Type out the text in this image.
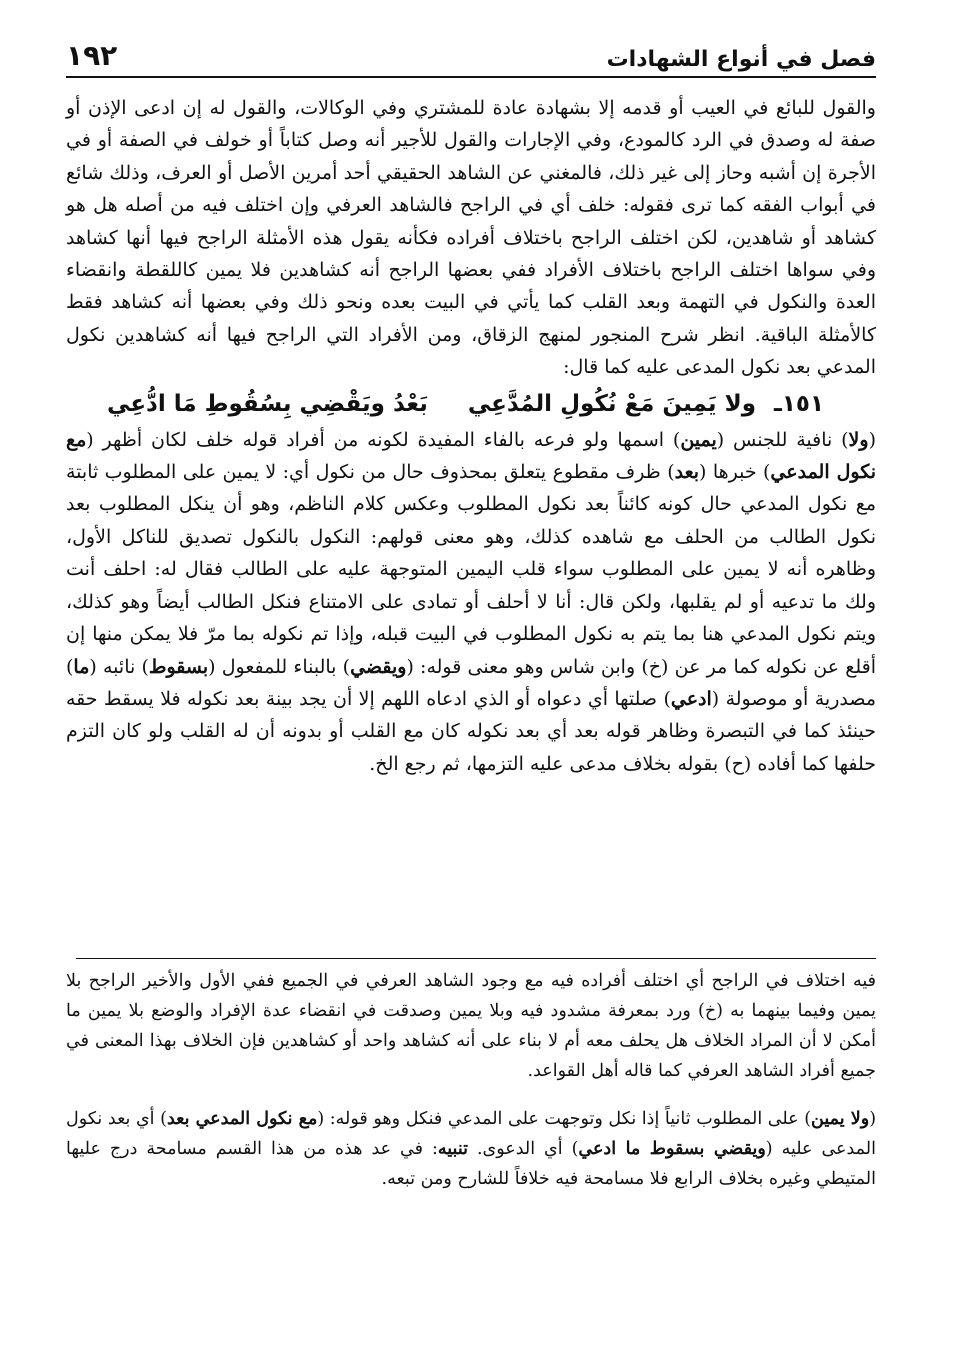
فصل في أنواع الشهادات
١٩٢

والقول للبائع في العيب أو قدمه إلا بشهادة عادة للمشتري وفي الوكالات، والقول له إن ادعى الإذن أو صفة له وصدق في الرد كالمودع، وفي الإجارات والقول للأجير أنه وصل كتاباً أو خولف في الصفة أو في الأجرة إن أشبه وحاز إلى غير ذلك، فالمغني عن الشاهد الحقيقي أحد أمرين الأصل أو العرف، وذلك شائع في أبواب الفقه كما ترى فقوله: خلف أي في الراجح فالشاهد العرفي وإن اختلف فيه من أصله هل هو كشاهد أو شاهدين، لكن اختلف الراجح باختلاف أفراده فكأنه يقول هذه الأمثلة الراجح فيها أنها كشاهد وفي سواها اختلف الراجح باختلاف الأفراد ففي بعضها الراجح أنه كشاهدين فلا يمين كاللقطة وانقضاء العدة والنكول في التهمة وبعد القلب كما يأتي في البيت بعده ونحو ذلك وفي بعضها أنه كشاهد فقط كالأمثلة الباقية. انظر شرح المنجور لمنهج الزقاق، ومن الأفراد التي الراجح فيها أنه كشاهدين نكول المدعي بعد نكول المدعى عليه كما قال:

١٥١ـ
ولا يَمِينَ مَعْ نُكُولِ المُدَّعِي
بَعْدُ ويَقْضِي بِسُقُوطِ مَا ادُّعِي

(ولا) نافية للجنس (يمين) اسمها ولو فرعه بالفاء المفيدة لكونه من أفراد قوله خلف لكان أظهر (مع نكول المدعي) خبرها (بعد) ظرف مقطوع يتعلق بمحذوف حال من نكول أي: لا يمين على المطلوب ثابتة مع نكول المدعي حال كونه كائناً بعد نكول المطلوب وعكس كلام الناظم، وهو أن ينكل المطلوب بعد نكول الطالب من الحلف مع شاهده كذلك، وهو معنى قولهم: النكول بالنكول تصديق للناكل الأول، وظاهره أنه لا يمين على المطلوب سواء قلب اليمين المتوجهة عليه على الطالب فقال له: احلف أنت ولك ما تدعيه أو لم يقلبها، ولكن قال: أنا لا أحلف أو تمادى على الامتناع فنكل الطالب أيضاً وهو كذلك، ويتم نكول المدعي هنا بما يتم به نكول المطلوب في البيت قبله، وإذا تم نكوله بما مرّ فلا يمكن منها إن أقلع عن نكوله كما مر عن (خ) وابن شاس وهو معنى قوله: (ويقضي) بالبناء للمفعول (بسقوط) نائبه (ما) مصدرية أو موصولة (ادعي) صلتها أي دعواه أو الذي ادعاه اللهم إلا أن يجد بينة بعد نكوله فلا يسقط حقه حينئذ كما في التبصرة وظاهر قوله بعد أي بعد نكوله كان مع القلب أو بدونه أن له القلب ولو كان التزم حلفها كما أفاده (ح) بقوله بخلاف مدعى عليه التزمها، ثم رجع الخ.

فيه اختلاف في الراجح أي اختلف أفراده فيه مع وجود الشاهد العرفي في الجميع ففي الأول والأخير الراجح بلا يمين وفيما بينهما به (خ) ورد بمعرفة مشدود فيه وبلا يمين وصدقت في انقضاء عدة الإفراد والوضع بلا يمين ما أمكن لا أن المراد الخلاف هل يحلف معه أم لا بناء على أنه كشاهد واحد أو كشاهدين فإن الخلاف بهذا المعنى في جميع أفراد الشاهد العرفي كما قاله أهل القواعد.

(ولا يمين) على المطلوب ثانياً إذا نكل وتوجهت على المدعي فنكل وهو قوله: (مع نكول المدعي بعد) أي بعد نكول المدعى عليه (ويقضي بسقوط ما ادعي) أي الدعوى. تنبيه: في عد هذه من هذا القسم مسامحة درج عليها المتيطي وغيره بخلاف الرابع فلا مسامحة فيه خلافاً للشارح ومن تبعه.
